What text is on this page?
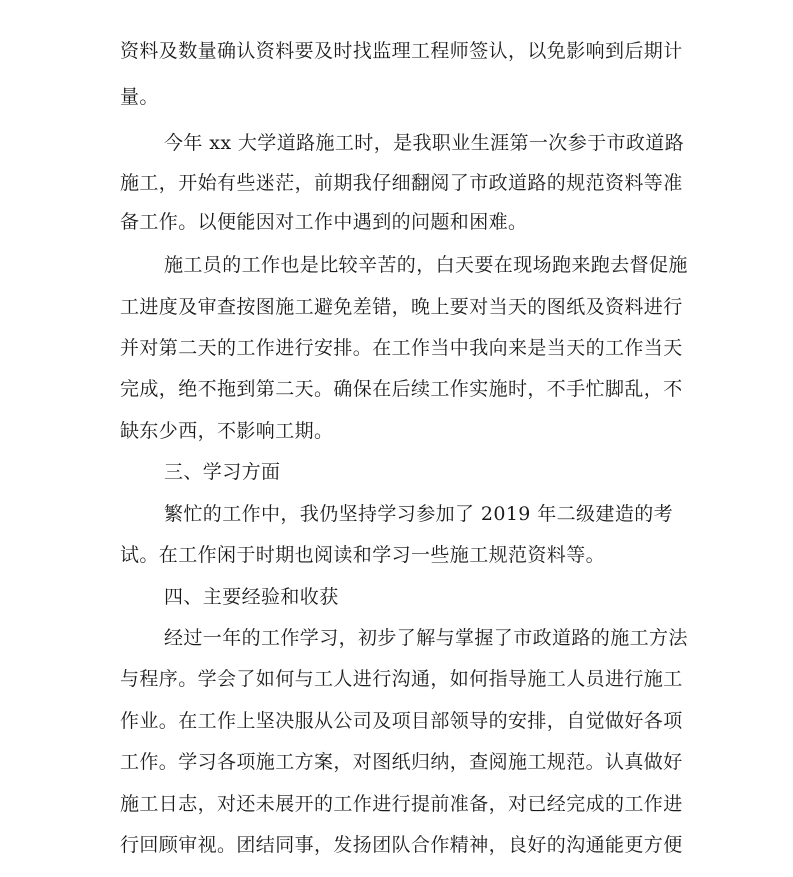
资料及数量确认资料要及时找监理工程师签认，以免影响到后期计
量。
今年 xx 大学道路施工时，是我职业生涯第一次参于市政道路
施工，开始有些迷茫，前期我仔细翻阅了市政道路的规范资料等准
备工作。以便能因对工作中遇到的问题和困难。
施工员的工作也是比较辛苦的，白天要在现场跑来跑去督促施
工进度及审查按图施工避免差错，晚上要对当天的图纸及资料进行
并对第二天的工作进行安排。在工作当中我向来是当天的工作当天
完成，绝不拖到第二天。确保在后续工作实施时，不手忙脚乱，不
缺东少西，不影响工期。
三、学习方面
繁忙的工作中，我仍坚持学习参加了 2019 年二级建造的考
试。在工作闲于时期也阅读和学习一些施工规范资料等。
四、主要经验和收获
经过一年的工作学习，初步了解与掌握了市政道路的施工方法
与程序。学会了如何与工人进行沟通，如何指导施工人员进行施工
作业。在工作上坚决服从公司及项目部领导的安排，自觉做好各项
工作。学习各项施工方案，对图纸归纳，查阅施工规范。认真做好
施工日志，对还未展开的工作进行提前准备，对已经完成的工作进
行回顾审视。团结同事，发扬团队合作精神，良好的沟通能更方便
